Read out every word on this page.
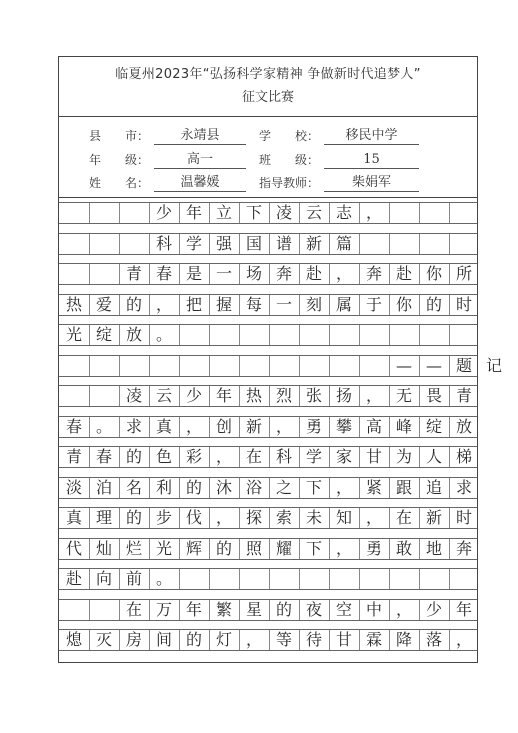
临夏州2023年“弘扬科学家精神 争做新时代追梦人”
征文比赛
县　　市：	永靖县	学　　校：	移民中学
年　　级：	高一	班　　级：	15
姓　　名：	温馨媛	指导教师：	柴娟军

少 年 立 下 凌 云 志 ，

科 学 强 国 谱 新 篇

青 春 是 一 场 奔 赴 ， 奔 赴 你 所
热 爱 的 ， 把 握 每 一 刻 属 于 你 的 时
光 绽 放 。

— — 题 记

凌 云 少 年 热 烈 张 扬 ， 无 畏 青
春 。 求 真 ， 创 新 ， 勇 攀 高 峰 绽 放
青 春 的 色 彩 ， 在 科 学 家 甘 为 人 梯
淡 泊 名 利 的 沐 浴 之 下 ， 紧 跟 追 求
真 理 的 步 伐 ， 探 索 未 知 ， 在 新 时
代 灿 烂 光 辉 的 照 耀 下 ， 勇 敢 地 奔
赴 向 前 。

在 万 年 繁 星 的 夜 空 中 ， 少 年
熄 灭 房 间 的 灯 ， 等 待 甘 霖 降 落 ，
